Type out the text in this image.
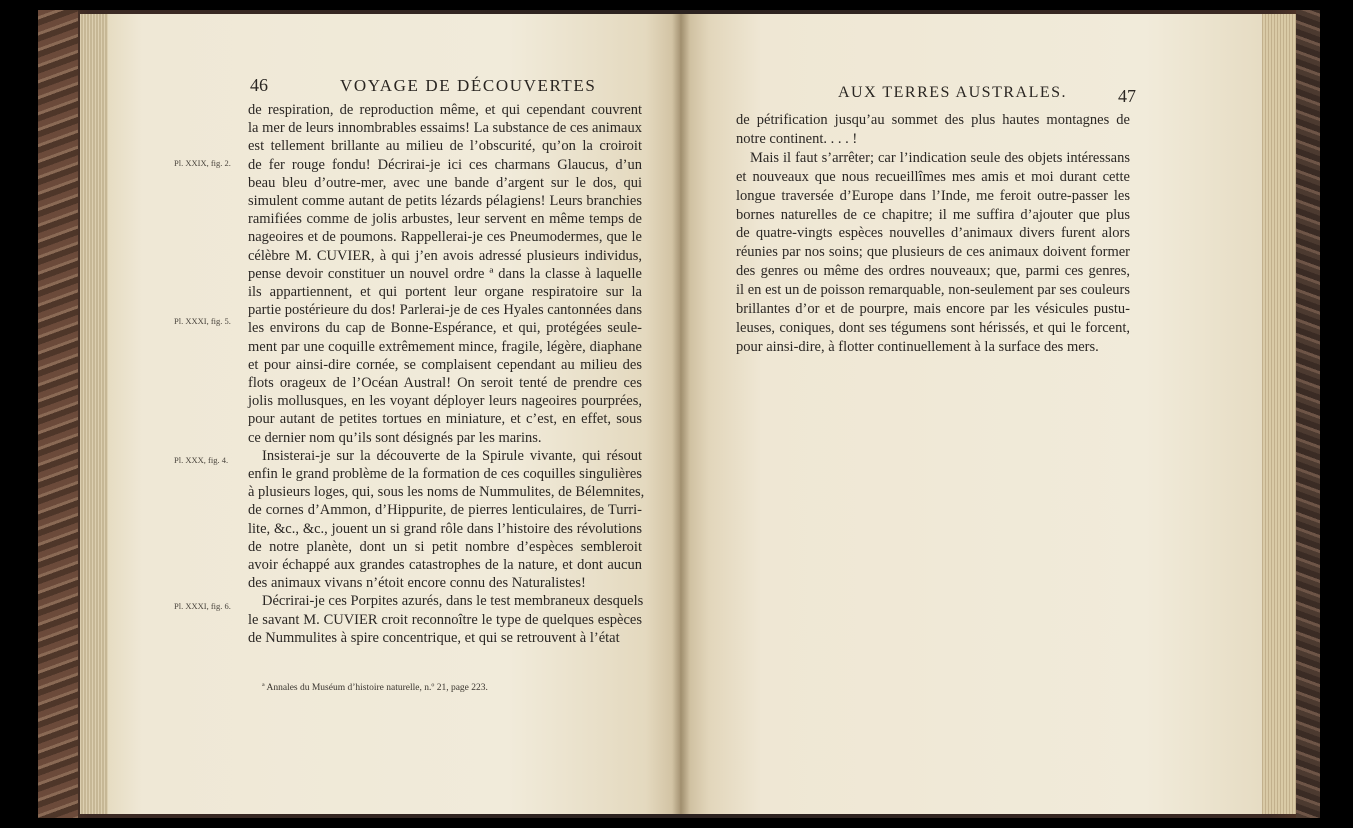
46	VOYAGE DE DÉCOUVERTES	AUX TERRES AUSTRALES.	47
de respiration, de reproduction même, et qui cependant couvrent
la mer de leurs innombrables essaims! La substance de ces animaux
est tellement brillante au milieu de l’obscurité, qu’on la croiroit
de fer rouge fondu! Décrirai-je ici ces charmans Glaucus, d’un
beau bleu d’outre-mer, avec une bande d’argent sur le dos, qui
simulent comme autant de petits lézards pélagiens! Leurs branchies
ramifiées comme de jolis arbustes, leur servent en même temps de
nageoires et de poumons. Rappellerai-je ces Pneumodermes, que le
célèbre M. CUVIER, à qui j’en avois adressé plusieurs individus,
pense devoir constituer un nouvel ordre ª dans la classe à laquelle
ils appartiennent, et qui portent leur organe respiratoire sur la
partie postérieure du dos! Parlerai-je de ces Hyales cantonnées dans
les environs du cap de Bonne-Espérance, et qui, protégées seule-
ment par une coquille extrêmement mince, fragile, légère, diaphane
et pour ainsi-dire cornée, se complaisent cependant au milieu des
flots orageux de l’Océan Austral! On seroit tenté de prendre ces
jolis mollusques, en les voyant déployer leurs nageoires pourprées,
pour autant de petites tortues en miniature, et c’est, en effet, sous
ce dernier nom qu’ils sont désignés par les marins.
Insisterai-je sur la découverte de la Spirule vivante, qui résout
enfin le grand problème de la formation de ces coquilles singulières
à plusieurs loges, qui, sous les noms de Nummulites, de Bélemnites,
de cornes d’Ammon, d’Hippurite, de pierres lenticulaires, de Turri-
lite, &c., &c., jouent un si grand rôle dans l’histoire des révolutions
de notre planète, dont un si petit nombre d’espèces sembleroit
avoir échappé aux grandes catastrophes de la nature, et dont aucun
des animaux vivans n’étoit encore connu des Naturalistes!
Décrirai-je ces Porpites azurés, dans le test membraneux desquels
le savant M. CUVIER croit reconnoître le type de quelques espèces
de Nummulites à spire concentrique, et qui se retrouvent à l’état
de pétrification jusqu’au sommet des plus hautes montagnes de
notre continent. . . . !
Mais il faut s’arrêter; car l’indication seule des objets intéressans
et nouveaux que nous recueillîmes mes amis et moi durant cette
longue traversée d’Europe dans l’Inde, me feroit outre-passer les
bornes naturelles de ce chapitre; il me suffira d’ajouter que plus
de quatre-vingts espèces nouvelles d’animaux divers furent alors
réunies par nos soins; que plusieurs de ces animaux doivent former
des genres ou même des ordres nouveaux; que, parmi ces genres,
il en est un de poisson remarquable, non-seulement par ses couleurs
brillantes d’or et de pourpre, mais encore par les vésicules pustu-
leuses, coniques, dont ses tégumens sont hérissés, et qui le forcent,
pour ainsi-dire, à flotter continuellement à la surface des mers.
Pl. XXIX, fig. 2.
Pl. XXXI, fig. 5.
Pl. XXX, fig. 4.
Pl. XXXI, fig. 6.
ª Annales du Muséum d’histoire naturelle, n.º 21, page 223.
